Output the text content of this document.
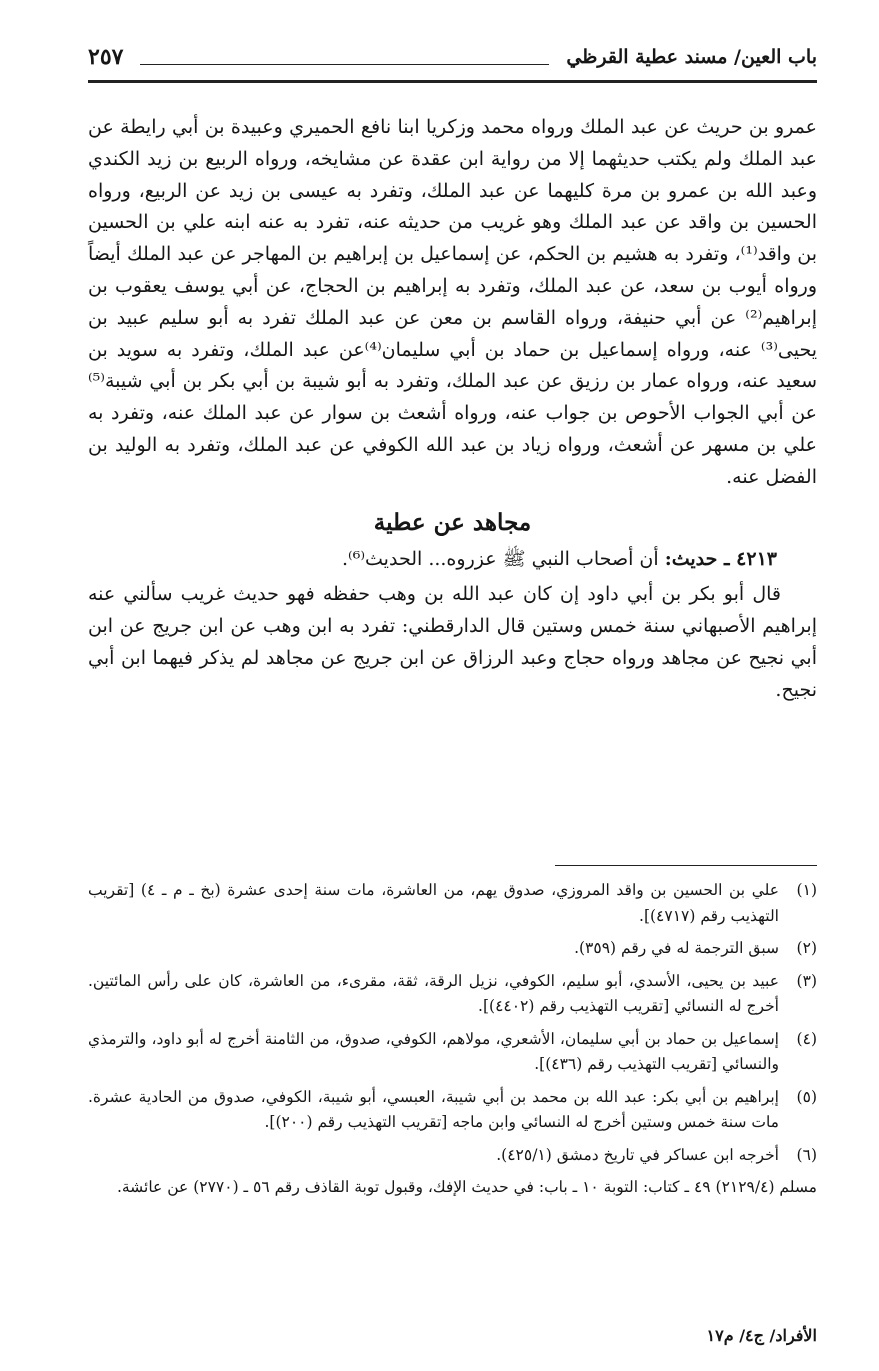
باب العين/ مسند عطية القرظي
٢٥٧

عمرو بن حريث عن عبد الملك ورواه محمد وزكريا ابنا نافع الحميري وعبيدة بن أبي رايطة عن عبد الملك ولم يكتب حديثهما إلا من رواية ابن عقدة عن مشايخه، ورواه الربيع بن زيد الكندي وعبد الله بن عمرو بن مرة كليهما عن عبد الملك، وتفرد به عيسى بن زيد عن الربيع، ورواه الحسين بن واقد عن عبد الملك وهو غريب من حديثه عنه، تفرد به عنه ابنه علي بن الحسين بن واقد⁽¹⁾، وتفرد به هشيم بن الحكم، عن إسماعيل بن إبراهيم بن المهاجر عن عبد الملك أيضاً ورواه أيوب بن سعد، عن عبد الملك، وتفرد به إبراهيم بن الحجاج، عن أبي يوسف يعقوب بن إبراهيم⁽²⁾ عن أبي حنيفة، ورواه القاسم بن معن عن عبد الملك تفرد به أبو سليم عبيد بن يحيى⁽³⁾ عنه، ورواه إسماعيل بن حماد بن أبي سليمان⁽⁴⁾عن عبد الملك، وتفرد به سويد بن سعيد عنه، ورواه عمار بن رزيق عن عبد الملك، وتفرد به أبو شيبة بن أبي بكر بن أبي شيبة⁽⁵⁾ عن أبي الجواب الأحوص بن جواب عنه، ورواه أشعث بن سوار عن عبد الملك عنه، وتفرد به علي بن مسهر عن أشعث، ورواه زياد بن عبد الله الكوفي عن عبد الملك، وتفرد به الوليد بن الفضل عنه.

مجاهد عن عطية

٤٢١٣ ـ حديث: أن أصحاب النبي ﷺ عزروه... الحديث⁽⁶⁾.

قال أبو بكر بن أبي داود إن كان عبد الله بن وهب حفظه فهو حديث غريب سألني عنه إبراهيم الأصبهاني سنة خمس وستين قال الدارقطني: تفرد به ابن وهب عن ابن جريج عن ابن أبي نجيح عن مجاهد ورواه حجاج وعبد الرزاق عن ابن جريج عن مجاهد لم يذكر فيهما ابن أبي نجيح.

(١)
علي بن الحسين بن واقد المروزي، صدوق يهم، من العاشرة، مات سنة إحدى عشرة (بخ ـ م ـ ٤) [تقريب التهذيب رقم (٤٧١٧)].
(٢)
سبق الترجمة له في رقم (٣٥٩).
(٣)
عبيد بن يحيى، الأسدي، أبو سليم، الكوفي، نزيل الرقة، ثقة، مقرىء، من العاشرة، كان على رأس المائتين. أخرج له النسائي [تقريب التهذيب رقم (٤٤٠٢)].
(٤)
إسماعيل بن حماد بن أبي سليمان، الأشعري، مولاهم، الكوفي، صدوق، من الثامنة أخرج له أبو داود، والترمذي والنسائي [تقريب التهذيب رقم (٤٣٦)].
(٥)
إبراهيم بن أبي بكر: عبد الله بن محمد بن أبي شيبة، العبسي، أبو شيبة، الكوفي، صدوق من الحادية عشرة. مات سنة خمس وستين أخرج له النسائي وابن ماجه [تقريب التهذيب رقم (٢٠٠)].
(٦)
أخرجه ابن عساكر في تاريخ دمشق (٤٢٥/١).
مسلم (٢١٢٩/٤) ٤٩ ـ كتاب: التوبة ١٠ ـ باب: في حديث الإفك، وقبول توبة القاذف رقم ٥٦ ـ (٢٧٧٠) عن عائشة.
الأفراد/ ج٤/ م١٧
